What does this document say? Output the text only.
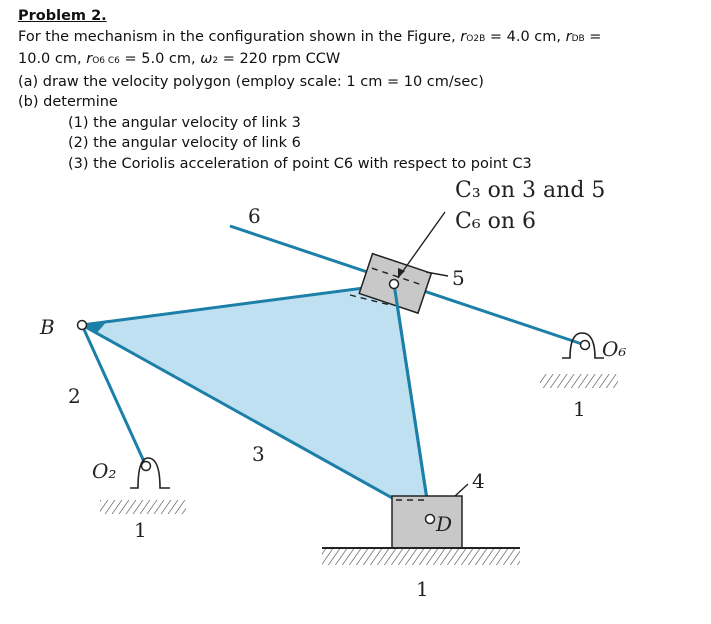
Problem 2.
For the mechanism in the configuration shown in the Figure, rO2B = 4.0 cm, rDB =
10.0 cm, rO6 C6 = 5.0 cm, ω2 = 220 rpm CCW
(a) draw the velocity polygon (employ scale: 1 cm = 10 cm/sec)
(b) determine
(1) the angular velocity of link 3
(2) the angular velocity of link 6
(3) the Coriolis acceleration of point C6 with respect to point C3
C₃ on 3 and 5
C₆ on 6
6
5
B
2
3
O₂
O₆
4
D
1
1
1
